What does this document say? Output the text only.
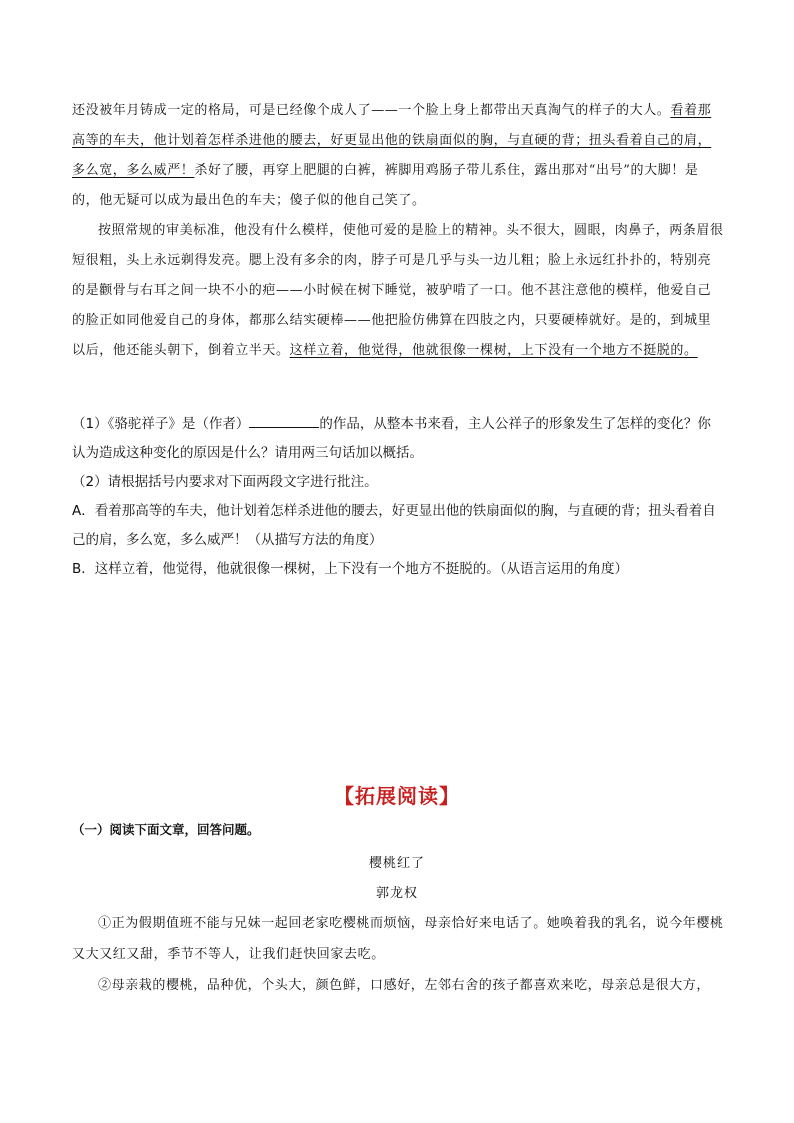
还没被年月铸成一定的格局，可是已经像个成人了——一个脸上身上都带出天真淘气的样子的大人。看着那高等的车夫，他计划着怎样杀进他的腰去，好更显出他的铁扇面似的胸，与直硬的背；扭头看着自己的肩，多么宽，多么威严！杀好了腰，再穿上肥腿的白裤，裤脚用鸡肠子带儿系住，露出那对“出号”的大脚！是的，他无疑可以成为最出色的车夫；傻子似的他自己笑了。

按照常规的审美标准，他没有什么模样，使他可爱的是脸上的精神。头不很大，圆眼，肉鼻子，两条眉很短很粗，头上永远剃得发亮。腮上没有多余的肉，脖子可是几乎与头一边儿粗；脸上永远红扑扑的，特别亮的是颧骨与右耳之间一块不小的疤——小时候在树下睡觉，被驴啃了一口。他不甚注意他的模样，他爱自己的脸正如同他爱自己的身体，都那么结实硬棒——他把脸仿佛算在四肢之内，只要硬棒就好。是的，到城里以后，他还能头朝下，倒着立半天。这样立着，他觉得，他就很像一棵树，上下没有一个地方不挺脱的。

（1）《骆驼祥子》是（作者）	的作品，从整本书来看，主人公祥子的形象发生了怎样的变化？你认为造成这种变化的原因是什么？请用两三句话加以概括。

（2）请根据括号内要求对下面两段文字进行批注。

A．看着那高等的车夫，他计划着怎样杀进他的腰去，好更显出他的铁扇面似的胸，与直硬的背；扭头看着自己的肩，多么宽，多么威严！（从描写方法的角度）

B．这样立着，他觉得，他就很像一棵树，上下没有一个地方不挺脱的。（从语言运用的角度）

【拓展阅读】
（一）阅读下面文章，回答问题。
樱桃红了
郭龙权

①正为假期值班不能与兄妹一起回老家吃樱桃而烦恼，母亲恰好来电话了。她唤着我的乳名，说今年樱桃又大又红又甜，季节不等人，让我们赶快回家去吃。

②母亲栽的樱桃，品种优，个头大，颜色鲜，口感好，左邻右舍的孩子都喜欢来吃，母亲总是很大方，
